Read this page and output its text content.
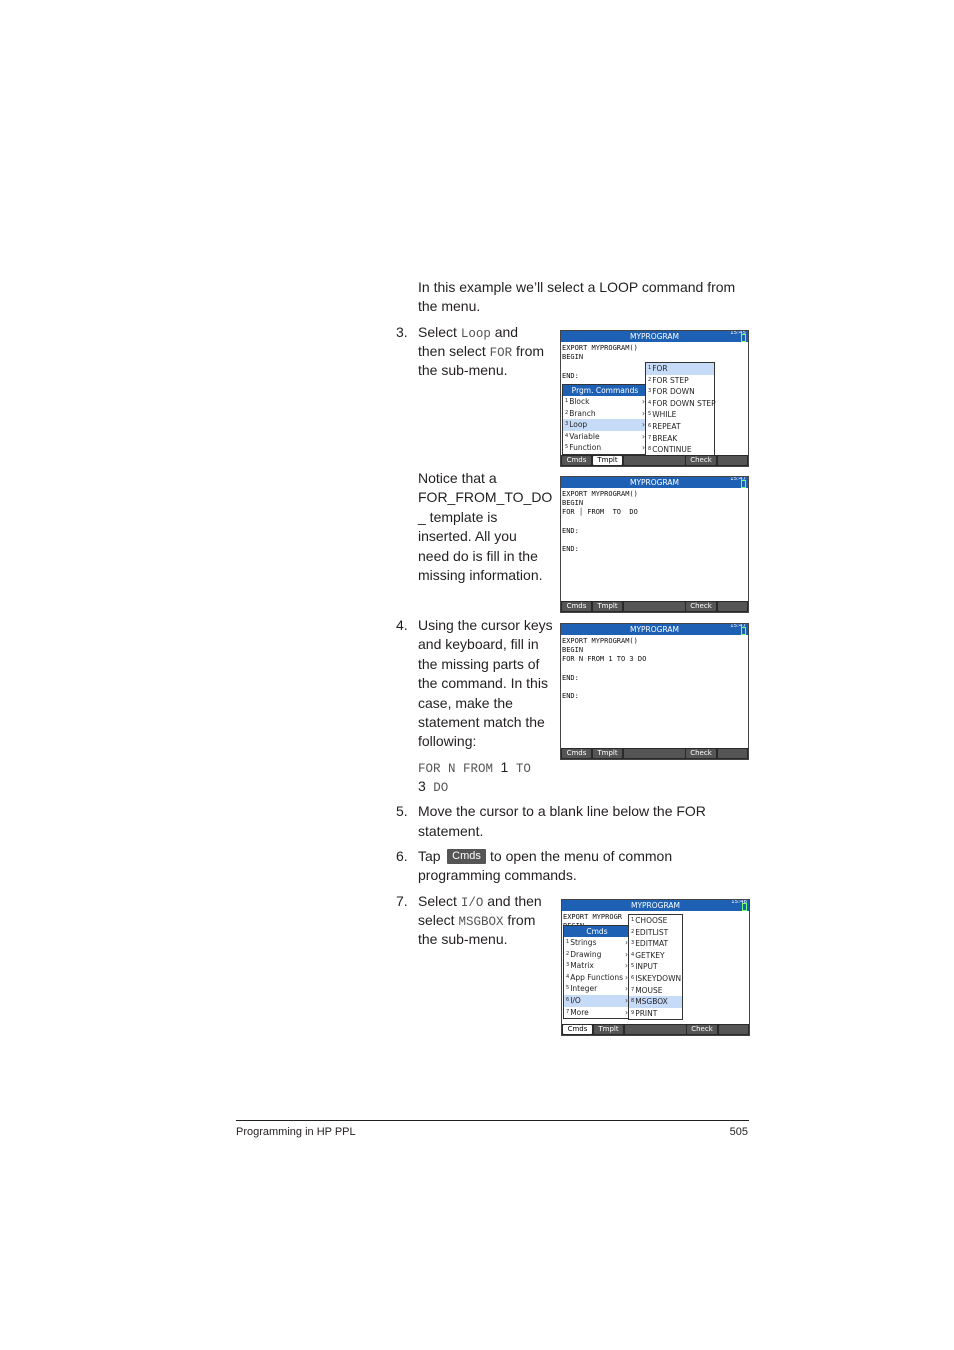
In this example we’ll select a LOOP command from
the menu.
3. Select Loop and
then select FOR from
the sub-menu.
Notice that a
FOR_FROM_TO_DO
_ template is
inserted. All you
need do is fill in the
missing information.
4. Using the cursor keys
and keyboard, fill in
the missing parts of
the command. In this
case, make the
statement match the
following:
FOR N FROM 1 TO
3 DO
5. Move the cursor to a blank line below the FOR
statement.
6. Tap	Cmds to open the menu of common
programming commands.
7. Select I/O and then
select MSGBOX from
the sub-menu.
MYPROGRAM	15:45
EXPORT MYPROGRAM()
BEGIN
END:
Prgm. Commands
$^1$Block	›
$^2$Branch	›
$^3$Loop	›
$^4$Variable	›
$^5$Function	›
$^1$FOR
$^2$FOR STEP
$^3$FOR DOWN
$^4$FOR DOWN STEP
$^5$WHILE
$^6$REPEAT
$^7$BREAK
$^8$CONTINUE
Cmds	Tmplt	Check
MYPROGRAM	15:47
EXPORT MYPROGRAM()
BEGIN
FOR │ FROM  TO  DO
END:
END:
Cmds	Tmplt	Check
MYPROGRAM	15:47
EXPORT MYPROGRAM()
BEGIN
FOR N FROM 1 TO 3 DO
END:
END:
Cmds	Tmplt	Check
MYPROGRAM	15:48
EXPORT MYPROGR
Cmds
$^1$Strings	›
$^2$Drawing	›
$^3$Matrix	›
$^4$App Functions ›
$^5$Integer	›
$^6$I/O	›
$^7$More	›
$^1$CHOOSE
$^2$EDITLIST
$^3$EDITMAT
$^4$GETKEY
$^5$INPUT
$^6$ISKEYDOWN
$^7$MOUSE
$^8$MSGBOX
$^9$PRINT
Cmds	Tmplt	Check
Programming in HP PPL	505
